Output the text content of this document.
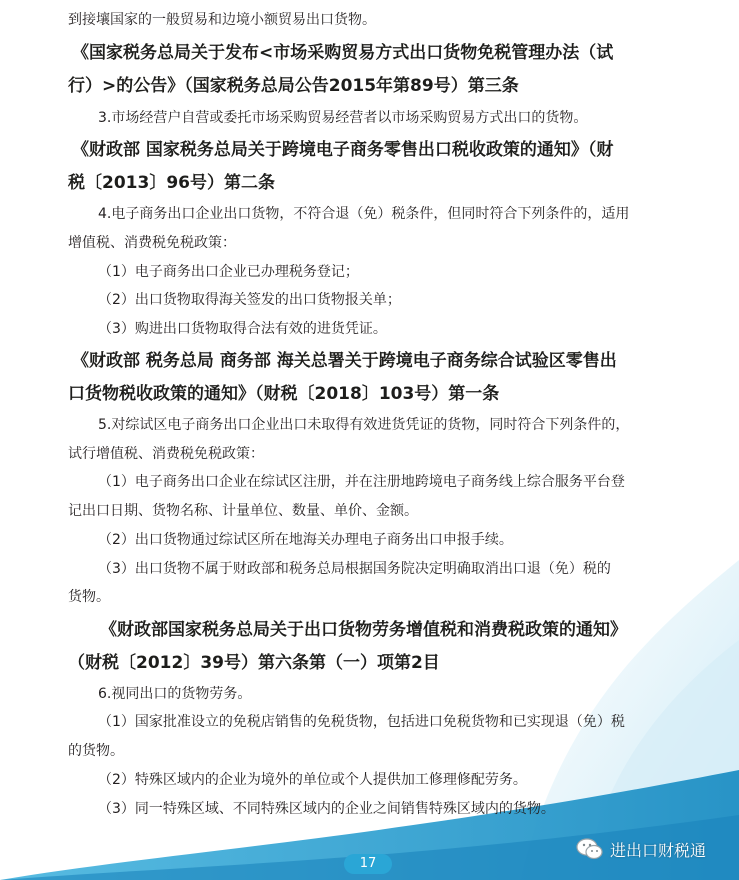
到接壤国家的一般贸易和边境小额贸易出口货物。
《国家税务总局关于发布<市场采购贸易方式出口货物免税管理办法（试
行）>的公告》（国家税务总局公告2015年第89号）第三条
3.市场经营户自营或委托市场采购贸易经营者以市场采购贸易方式出口的货物。
《财政部 国家税务总局关于跨境电子商务零售出口税收政策的通知》（财
税〔2013〕96号）第二条
4.电子商务出口企业出口货物，不符合退（免）税条件，但同时符合下列条件的，适用
增值税、消费税免税政策：
（1）电子商务出口企业已办理税务登记；
（2）出口货物取得海关签发的出口货物报关单；
（3）购进出口货物取得合法有效的进货凭证。
《财政部 税务总局 商务部 海关总署关于跨境电子商务综合试验区零售出
口货物税收政策的通知》（财税〔2018〕103号）第一条
5.对综试区电子商务出口企业出口未取得有效进货凭证的货物，同时符合下列条件的，
试行增值税、消费税免税政策：
（1）电子商务出口企业在综试区注册，并在注册地跨境电子商务线上综合服务平台登
记出口日期、货物名称、计量单位、数量、单价、金额。
（2）出口货物通过综试区所在地海关办理电子商务出口申报手续。
（3）出口货物不属于财政部和税务总局根据国务院决定明确取消出口退（免）税的
货物。
《财政部国家税务总局关于出口货物劳务增值税和消费税政策的通知》
（财税〔2012〕39号）第六条第（一）项第2目
6.视同出口的货物劳务。
（1）国家批准设立的免税店销售的免税货物，包括进口免税货物和已实现退（免）税
的货物。
（2）特殊区域内的企业为境外的单位或个人提供加工修理修配劳务。
（3）同一特殊区域、不同特殊区域内的企业之间销售特殊区域内的货物。
进出口财税通
17
